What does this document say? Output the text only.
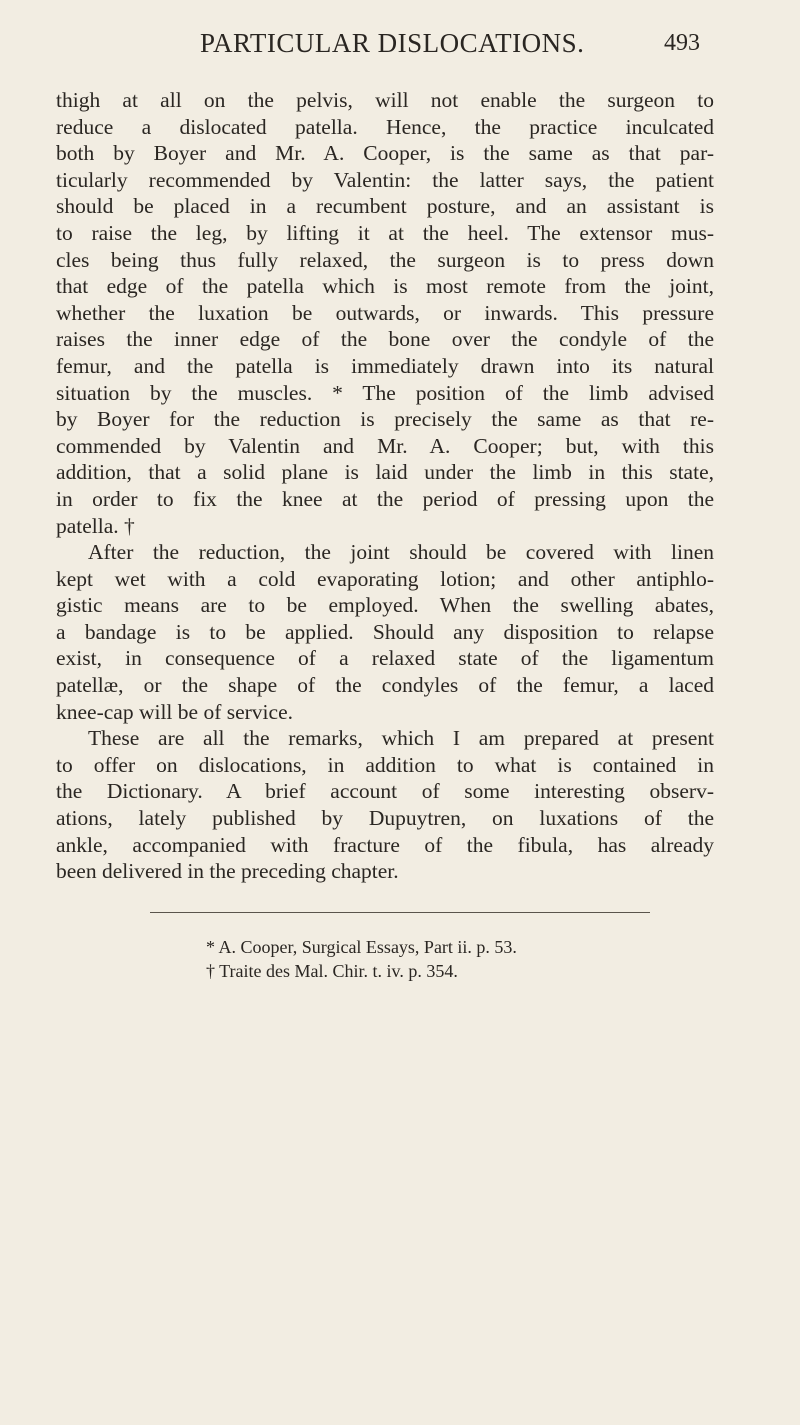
PARTICULAR DISLOCATIONS.	493
thigh at all on the pelvis, will not enable the surgeon to
reduce a dislocated patella. Hence, the practice inculcated
both by Boyer and Mr. A. Cooper, is the same as that par-
ticularly recommended by Valentin: the latter says, the patient
should be placed in a recumbent posture, and an assistant is
to raise the leg, by lifting it at the heel. The extensor mus-
cles being thus fully relaxed, the surgeon is to press down
that edge of the patella which is most remote from the joint,
whether the luxation be outwards, or inwards. This pressure
raises the inner edge of the bone over the condyle of the
femur, and the patella is immediately drawn into its natural
situation by the muscles. * The position of the limb advised
by Boyer for the reduction is precisely the same as that re-
commended by Valentin and Mr. A. Cooper; but, with this
addition, that a solid plane is laid under the limb in this state,
in order to fix the knee at the period of pressing upon the
patella. †
After the reduction, the joint should be covered with linen
kept wet with a cold evaporating lotion; and other antiphlo-
gistic means are to be employed. When the swelling abates,
a bandage is to be applied. Should any disposition to relapse
exist, in consequence of a relaxed state of the ligamentum
patellæ, or the shape of the condyles of the femur, a laced
knee-cap will be of service.
These are all the remarks, which I am prepared at present
to offer on dislocations, in addition to what is contained in
the Dictionary. A brief account of some interesting observ-
ations, lately published by Dupuytren, on luxations of the
ankle, accompanied with fracture of the fibula, has already
been delivered in the preceding chapter.
* A. Cooper, Surgical Essays, Part ii. p. 53.
† Traite des Mal. Chir. t. iv. p. 354.
